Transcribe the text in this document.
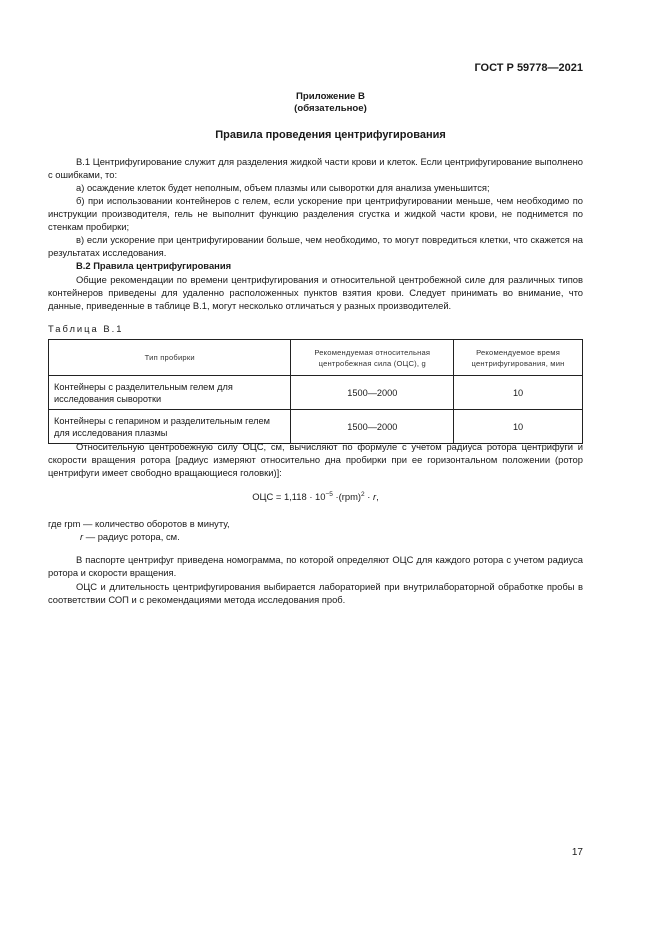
ГОСТ Р 59778—2021
Приложение В
(обязательное)
Правила проведения центрифугирования

В.1 Центрифугирование служит для разделения жидкой части крови и клеток. Если центрифугирование выполнено с ошибками, то:

а) осаждение клеток будет неполным, объем плазмы или сыворотки для анализа уменьшится;

б) при использовании контейнеров с гелем, если ускорение при центрифугировании меньше, чем необходимо по инструкции производителя, гель не выполнит функцию разделения сгустка и жидкой части крови, не поднимется по стенкам пробирки;

в) если ускорение при центрифугировании больше, чем необходимо, то могут повредиться клетки, что скажется на результатах исследования.

В.2 Правила центрифугирования

Общие рекомендации по времени центрифугирования и относительной центробежной силе для различных типов контейнеров приведены для удаленно расположенных пунктов взятия крови. Следует принимать во внимание, что данные, приведенные в таблице В.1, могут несколько отличаться у разных производителей.

Таблица В.1
Тип пробирки	Рекомендуемая относительная центробежная сила (ОЦС), g	Рекомендуемое время центрифугирования, мин
Контейнеры с разделительным гелем для исследования сыворотки	1500—2000	10
Контейнеры с гепарином и разделительным гелем для исследования плазмы	1500—2000	10

Относительную центробежную силу ОЦС, см, вычисляют по формуле с учетом радиуса ротора центрифуги и скорости вращения ротора [радиус измеряют относительно дна пробирки при ее горизонтальном положении (ротор центрифуги имеет свободно вращающиеся головки)]:

ОЦС = $1,118 \cdot 10^{-5} \cdot(rpm)^2 \cdot r$,

где rpm — количество оборотов в минуту,

r — радиус ротора, см.

В паспорте центрифуг приведена номограмма, по которой определяют ОЦС для каждого ротора с учетом радиуса ротора и скорости вращения.

ОЦС и длительность центрифугирования выбирается лабораторией при внутрилабораторной обработке пробы в соответствии СОП и с рекомендациями метода исследования проб.

17
